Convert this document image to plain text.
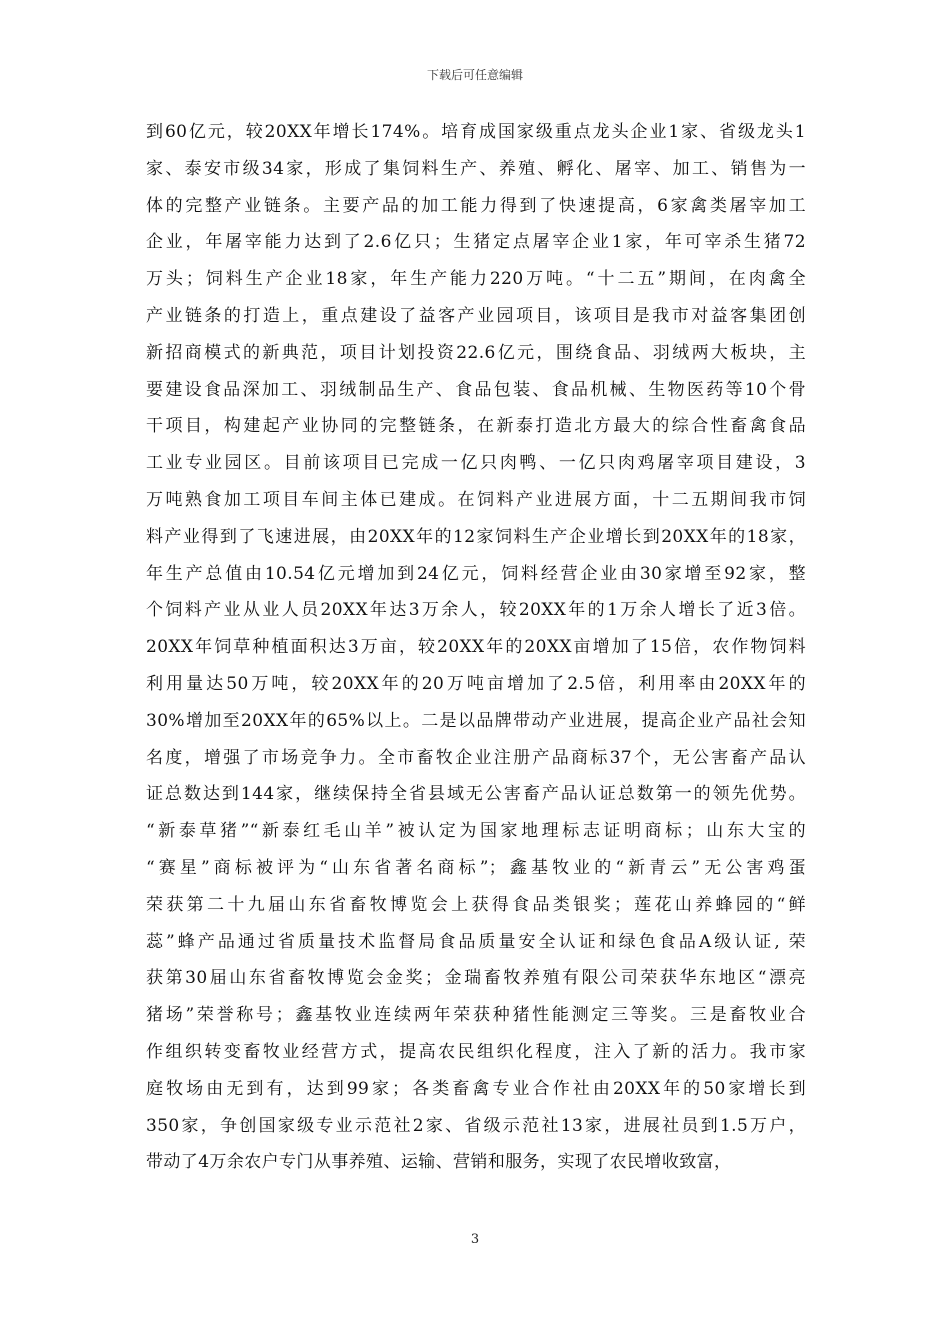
下载后可任意编辑
到60亿元，较20XX年增长174%。培育成国家级重点龙头企业1家、省级龙头1
家、泰安市级34家，形成了集饲料生产、养殖、孵化、屠宰、加工、销售为一
体的完整产业链条。主要产品的加工能力得到了快速提高，6家禽类屠宰加工
企业，年屠宰能力达到了2.6亿只；生猪定点屠宰企业1家，年可宰杀生猪72
万头；饲料生产企业18家，年生产能力220万吨。“十二五”期间，在肉禽全
产业链条的打造上，重点建设了益客产业园项目，该项目是我市对益客集团创
新招商模式的新典范，项目计划投资22.6亿元，围绕食品、羽绒两大板块，主
要建设食品深加工、羽绒制品生产、食品包装、食品机械、生物医药等10个骨
干项目，构建起产业协同的完整链条，在新泰打造北方最大的综合性畜禽食品
工业专业园区。目前该项目已完成一亿只肉鸭、一亿只肉鸡屠宰项目建设，3
万吨熟食加工项目车间主体已建成。在饲料产业进展方面，十二五期间我市饲
料产业得到了飞速进展，由20XX年的12家饲料生产企业增长到20XX年的18家，
年生产总值由10.54亿元增加到24亿元，饲料经营企业由30家增至92家，整
个饲料产业从业人员20XX年达3万余人，较20XX年的1万余人增长了近3倍。
20XX年饲草种植面积达3万亩，较20XX年的20XX亩增加了15倍，农作物饲料
利用量达50万吨，较20XX年的20万吨亩增加了2.5倍，利用率由20XX年的
30%增加至20XX年的65%以上。二是以品牌带动产业进展，提高企业产品社会知
名度，增强了市场竞争力。全市畜牧企业注册产品商标37个，无公害畜产品认
证总数达到144家，继续保持全省县域无公害畜产品认证总数第一的领先优势。
“新泰草猪”“新泰红毛山羊”被认定为国家地理标志证明商标；山东大宝的
“赛星”商标被评为“山东省著名商标”；鑫基牧业的“新青云”无公害鸡蛋
荣获第二十九届山东省畜牧博览会上获得食品类银奖；莲花山养蜂园的“鲜
蕊”蜂产品通过省质量技术监督局食品质量安全认证和绿色食品A级认证, 荣
获第30届山东省畜牧博览会金奖；金瑞畜牧养殖有限公司荣获华东地区“漂亮
猪场”荣誉称号；鑫基牧业连续两年荣获种猪性能测定三等奖。三是畜牧业合
作组织转变畜牧业经营方式，提高农民组织化程度，注入了新的活力。我市家
庭牧场由无到有，达到99家；各类畜禽专业合作社由20XX年的50家增长到
350家，争创国家级专业示范社2家、省级示范社13家，进展社员到1.5万户，
带动了4万余农户专门从事养殖、运输、营销和服务，实现了农民增收致富，
3
